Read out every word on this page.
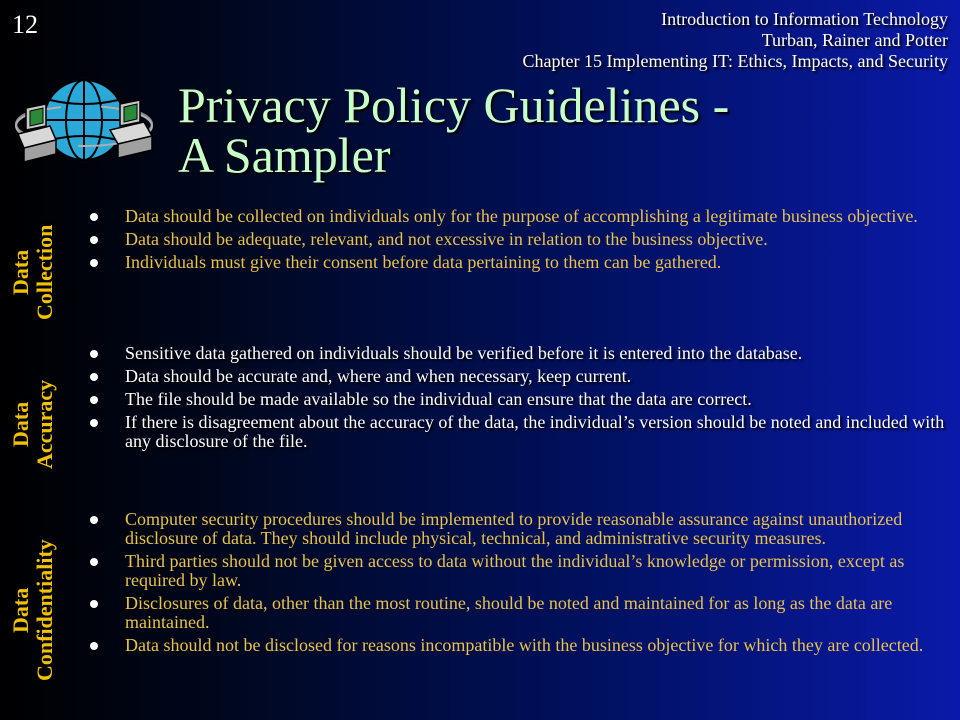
12	Introduction to Information Technology
Turban, Rainer and Potter
Chapter 15 Implementing IT: Ethics, Impacts, and Security
Privacy Policy Guidelines -
A Sampler
Data
Collection
Data
Accuracy
Data
Confidentiality
Data should be collected on individuals only for the purpose of accomplishing a legitimate business objective.
Data should be adequate, relevant, and not excessive in relation to the business objective.
Individuals must give their consent before data pertaining to them can be gathered.
Sensitive data gathered on individuals should be verified before it is entered into the database.
Data should be accurate and, where and when necessary, keep current.
The file should be made available so the individual can ensure that the data are correct.
If there is disagreement about the accuracy of the data, the individual’s version should be noted and included with any disclosure of the file.
Computer security procedures should be implemented to provide reasonable assurance against unauthorized disclosure of data. They should include physical, technical, and administrative security measures.
Third parties should not be given access to data without the individual’s knowledge or permission, except as required by law.
Disclosures of data, other than the most routine, should be noted and maintained for as long as the data are maintained.
Data should not be disclosed for reasons incompatible with the business objective for which they are collected.
